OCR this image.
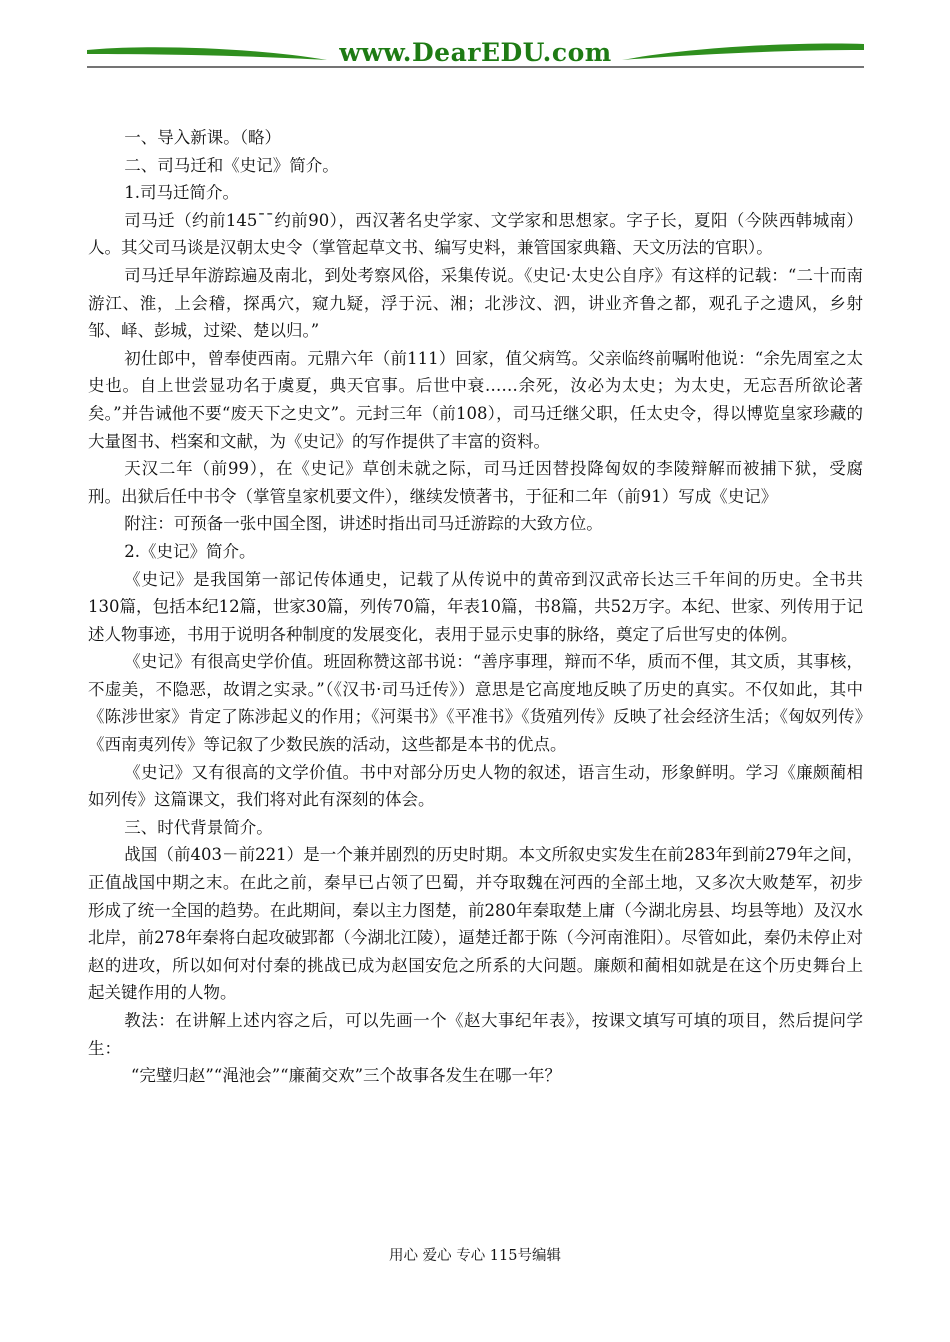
www.DearEDU.com

一、导入新课。（略）

二、司马迁和《史记》简介。

1.司马迁简介。

司马迁（约前145¯¯约前90），西汉著名史学家、文学家和思想家。字子长，夏阳（今陕西韩城南）人。其父司马谈是汉朝太史令（掌管起草文书、编写史料，兼管国家典籍、天文历法的官职）。

司马迁早年游踪遍及南北，到处考察风俗，采集传说。《史记·太史公自序》有这样的记载：“二十而南游江、淮，上会稽，探禹穴，窥九疑，浮于沅、湘；北涉汶、泗，讲业齐鲁之都，观孔子之遗风，乡射邹、峄、彭城，过梁、楚以归。”

初仕郎中，曾奉使西南。元鼎六年（前111）回家，值父病笃。父亲临终前嘱咐他说：“余先周室之太史也。自上世尝显功名于虞夏，典天官事。后世中衰……余死，汝必为太史；为太史，无忘吾所欲论著矣。”并告诫他不要“废天下之史文”。元封三年（前108），司马迁继父职，任太史令，得以博览皇家珍藏的大量图书、档案和文献，为《史记》的写作提供了丰富的资料。

天汉二年（前99），在《史记》草创未就之际，司马迁因替投降匈奴的李陵辩解而被捕下狱，受腐刑。出狱后任中书令（掌管皇家机要文件），继续发愤著书，于征和二年（前91）写成《史记》

附注：可预备一张中国全图，讲述时指出司马迁游踪的大致方位。

2.《史记》简介。

《史记》是我国第一部记传体通史，记载了从传说中的黄帝到汉武帝长达三千年间的历史。全书共130篇，包括本纪12篇，世家30篇，列传70篇，年表10篇，书8篇，共52万字。本纪、世家、列传用于记述人物事迹，书用于说明各种制度的发展变化，表用于显示史事的脉络，奠定了后世写史的体例。

《史记》有很高史学价值。班固称赞这部书说：“善序事理，辩而不华，质而不俚，其文质，其事核，不虚美，不隐恶，故谓之实录。”（《汉书·司马迁传》）意思是它高度地反映了历史的真实。不仅如此，其中《陈涉世家》肯定了陈涉起义的作用；《河渠书》《平准书》《货殖列传》反映了社会经济生活；《匈奴列传》《西南夷列传》等记叙了少数民族的活动，这些都是本书的优点。

《史记》又有很高的文学价值。书中对部分历史人物的叙述，语言生动，形象鲜明。学习《廉颇蔺相如列传》这篇课文，我们将对此有深刻的体会。

三、时代背景简介。

战国（前403－前221）是一个兼并剧烈的历史时期。本文所叙史实发生在前283年到前279年之间，正值战国中期之末。在此之前，秦早已占领了巴蜀，并夺取魏在河西的全部土地，又多次大败楚军，初步形成了统一全国的趋势。在此期间，秦以主力图楚，前280年秦取楚上庸（今湖北房县、均县等地）及汉水北岸，前278年秦将白起攻破郢都（今湖北江陵），逼楚迁都于陈（今河南淮阳）。尽管如此，秦仍未停止对赵的进攻，所以如何对付秦的挑战已成为赵国安危之所系的大问题。廉颇和蔺相如就是在这个历史舞台上起关键作用的人物。

教法：在讲解上述内容之后，可以先画一个《赵大事纪年表》，按课文填写可填的项目，然后提问学生：

“完璧归赵”“渑池会”“廉蔺交欢”三个故事各发生在哪一年？

用心 爱心 专心 115号编辑
